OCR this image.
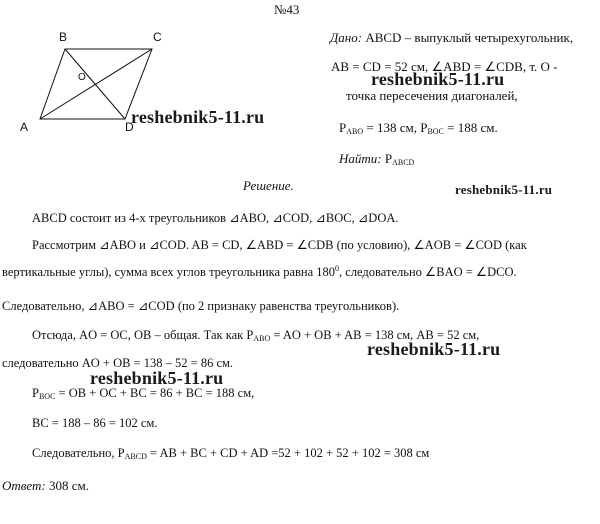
№43
B	C
A	D
O
Дано: ABCD – выпуклый четырехугольник,
AB = CD = 52 см, ∠ABD = ∠CDB, т. О -
точка пересечения диагоналей,
$P_{ABO} = 138$ см, $P_{BOC} = 188$ см.
Найти: $P_{ABCD}$
Решение.
ABCD состоит из 4-х треугольников ⊿ABO, ⊿COD, ⊿BOC, ⊿DOA.
Рассмотрим ⊿ABO и ⊿COD. AB = CD, ∠ABD = ∠CDB (по условию), ∠AOB = ∠COD (как
вертикальные углы), сумма всех углов треугольника равна $180^0$, следовательно ∠BAO = ∠DCO.
Следовательно, ⊿ABO = ⊿COD (по 2 признаку равенства треугольников).
Отсюда, AO = OC, OB – общая. Так как $P_{ABO}$ = AO + OB + AB = 138 см, AB = 52 см,
следовательно AO + OB = 138 – 52 = 86 см.
$P_{BOC}$ = OB + OC + BC = 86 + BC = 188 см,
BC = 188 – 86 = 102 см.
Следовательно, $P_{ABCD}$ = AB + BC + CD + AD =52 + 102 + 52 + 102 = 308 см
Ответ: 308 см.
reshebnik5-11.ru
reshebnik5-11.ru
reshebnik5-11.ru
reshebnik5-11.ru
reshebnik5-11.ru
